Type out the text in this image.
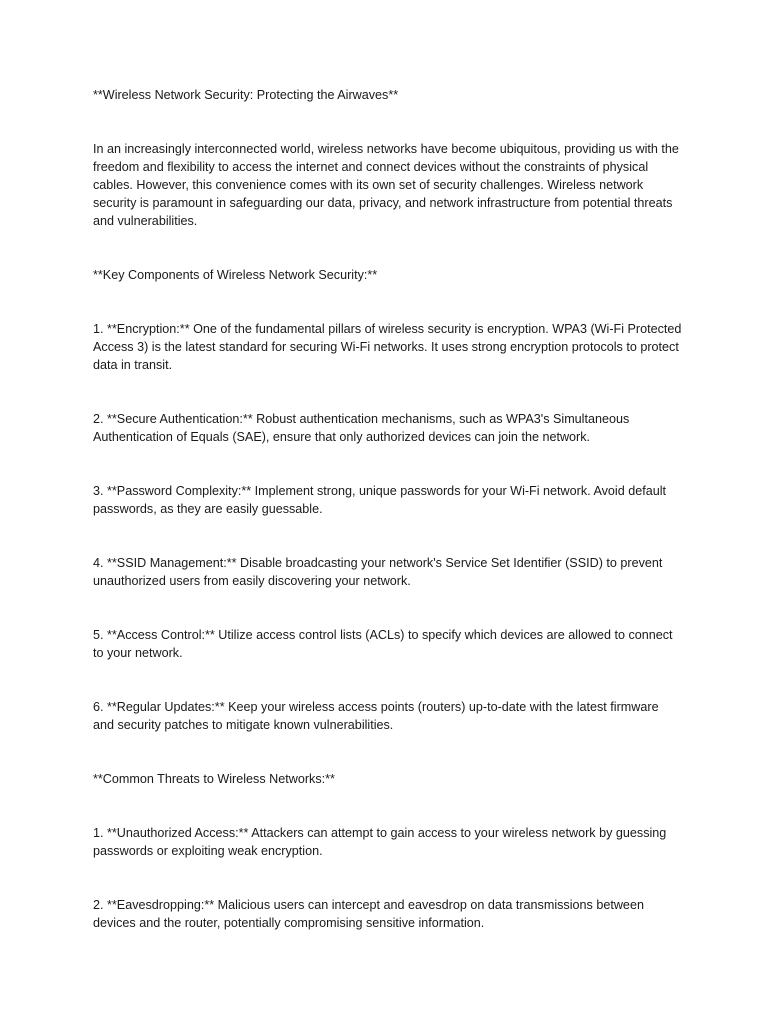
**Wireless Network Security: Protecting the Airwaves**

In an increasingly interconnected world, wireless networks have become ubiquitous, providing us with the freedom and flexibility to access the internet and connect devices without the constraints of physical cables. However, this convenience comes with its own set of security challenges. Wireless network security is paramount in safeguarding our data, privacy, and network infrastructure from potential threats and vulnerabilities.

**Key Components of Wireless Network Security:**

1. **Encryption:** One of the fundamental pillars of wireless security is encryption. WPA3 (Wi-Fi Protected Access 3) is the latest standard for securing Wi-Fi networks. It uses strong encryption protocols to protect data in transit.

2. **Secure Authentication:** Robust authentication mechanisms, such as WPA3's Simultaneous Authentication of Equals (SAE), ensure that only authorized devices can join the network.

3. **Password Complexity:** Implement strong, unique passwords for your Wi-Fi network. Avoid default passwords, as they are easily guessable.

4. **SSID Management:** Disable broadcasting your network's Service Set Identifier (SSID) to prevent unauthorized users from easily discovering your network.

5. **Access Control:** Utilize access control lists (ACLs) to specify which devices are allowed to connect to your network.

6. **Regular Updates:** Keep your wireless access points (routers) up-to-date with the latest firmware and security patches to mitigate known vulnerabilities.

**Common Threats to Wireless Networks:**

1. **Unauthorized Access:** Attackers can attempt to gain access to your wireless network by guessing passwords or exploiting weak encryption.

2. **Eavesdropping:** Malicious users can intercept and eavesdrop on data transmissions between devices and the router, potentially compromising sensitive information.
